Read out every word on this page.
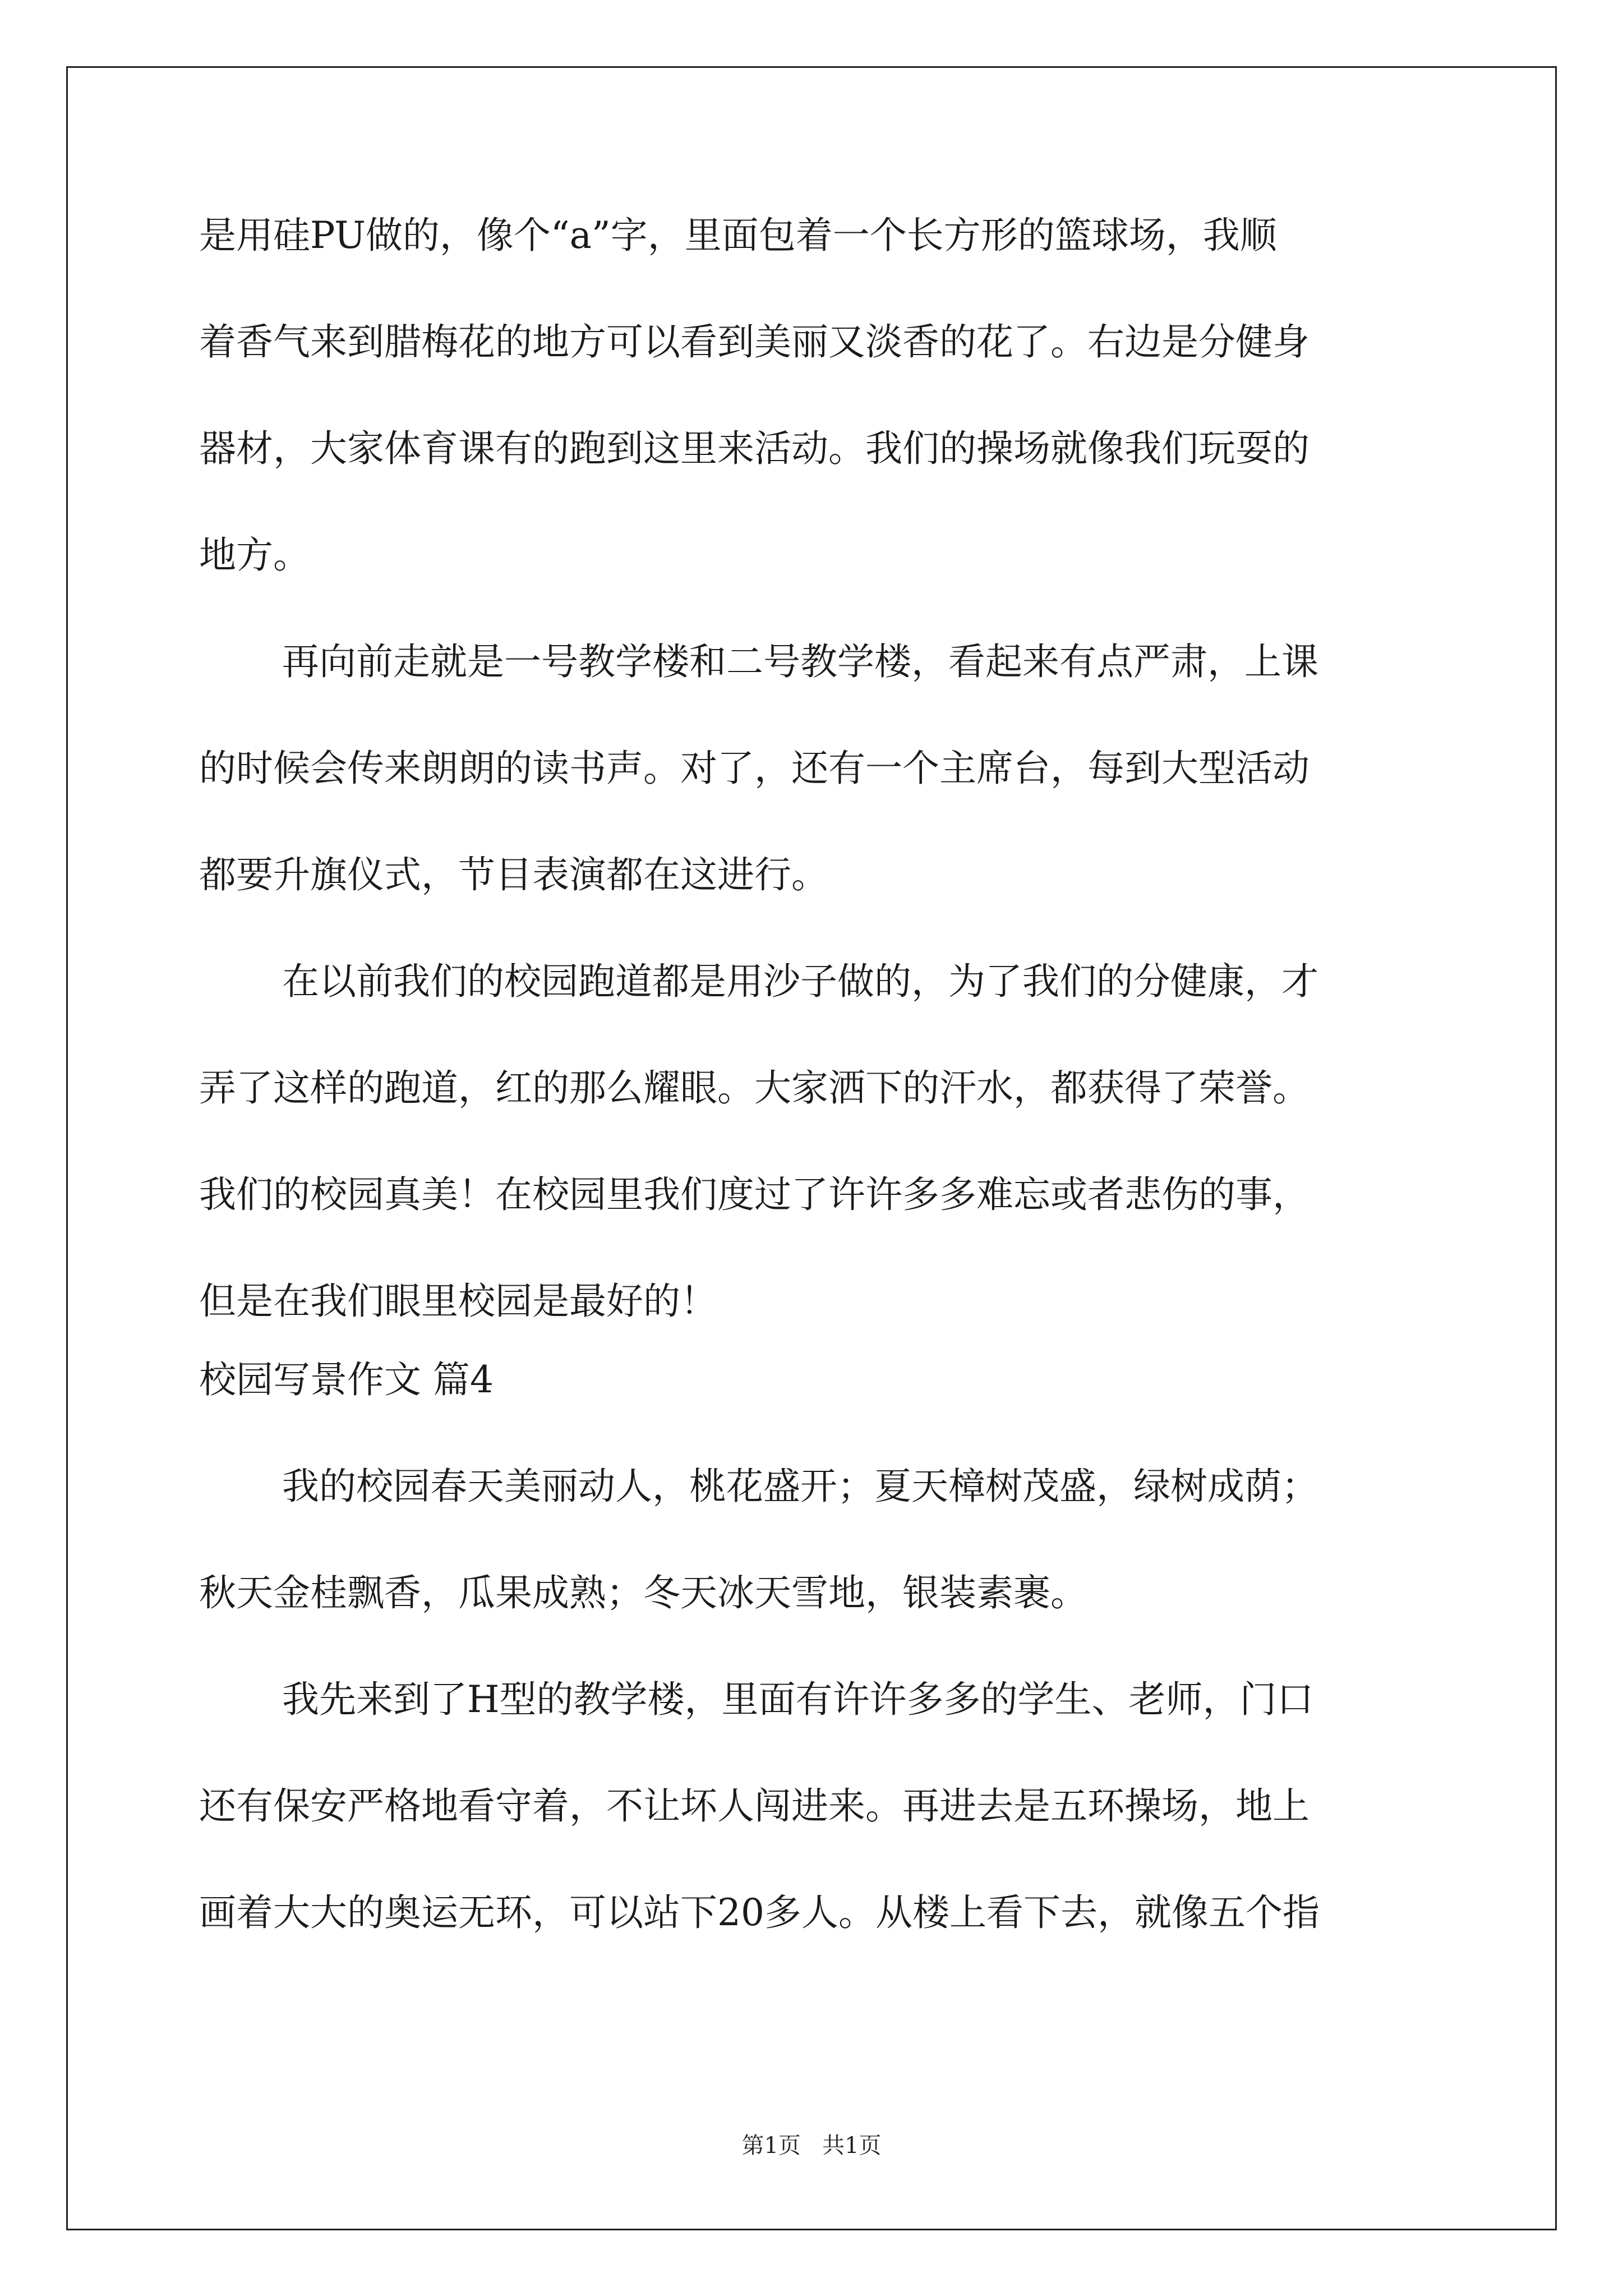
是用硅PU做的，像个“a”字，里面包着一个长方形的篮球场，我顺
着香气来到腊梅花的地方可以看到美丽又淡香的花了。右边是分健身
器材，大家体育课有的跑到这里来活动。我们的操场就像我们玩耍的
地方。
再向前走就是一号教学楼和二号教学楼，看起来有点严肃，上课
的时候会传来朗朗的读书声。对了，还有一个主席台，每到大型活动
都要升旗仪式，节目表演都在这进行。
在以前我们的校园跑道都是用沙子做的，为了我们的分健康，才
弄了这样的跑道，红的那么耀眼。大家洒下的汗水，都获得了荣誉。
我们的校园真美！在校园里我们度过了许许多多难忘或者悲伤的事，
但是在我们眼里校园是最好的！
校园写景作文 篇4
我的校园春天美丽动人，桃花盛开；夏天樟树茂盛，绿树成荫；
秋天金桂飘香，瓜果成熟；冬天冰天雪地，银装素裹。
我先来到了H型的教学楼，里面有许许多多的学生、老师，门口
还有保安严格地看守着，不让坏人闯进来。再进去是五环操场，地上
画着大大的奥运无环，可以站下20多人。从楼上看下去，就像五个指
第1页   共1页
